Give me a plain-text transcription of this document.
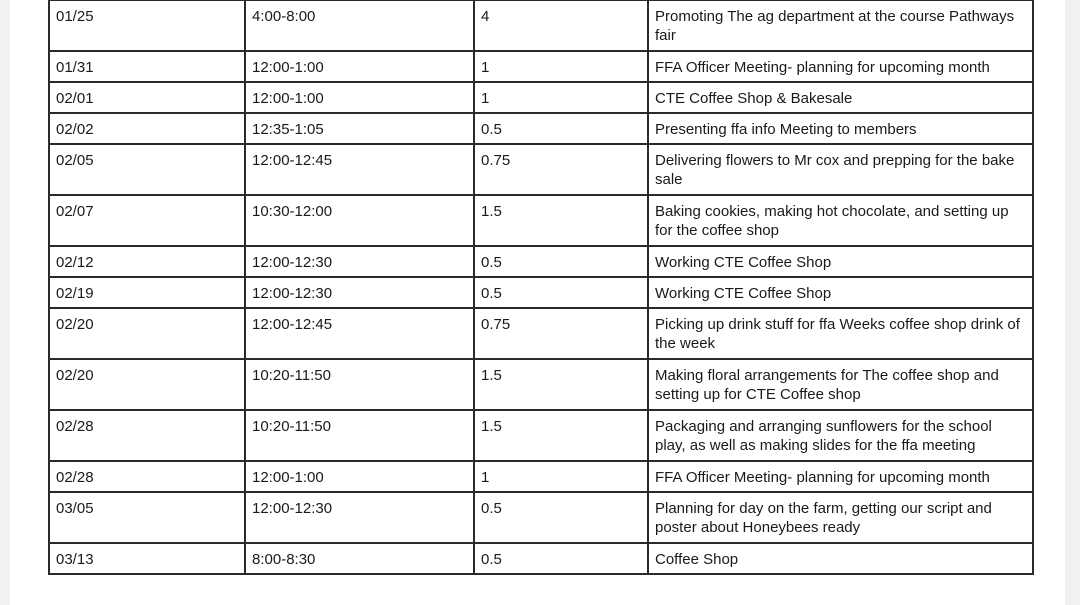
01/25	4:00-8:00	4	Promoting The ag department at the course Pathways fair
01/31	12:00-1:00	1	FFA Officer Meeting- planning for upcoming month
02/01	12:00-1:00	1	CTE Coffee Shop & Bakesale
02/02	12:35-1:05	0.5	Presenting ffa info Meeting to members
02/05	12:00-12:45	0.75	Delivering flowers to Mr cox and prepping for the bake sale
02/07	10:30-12:00	1.5	Baking cookies, making hot chocolate, and setting up for the coffee shop
02/12	12:00-12:30	0.5	Working CTE Coffee Shop
02/19	12:00-12:30	0.5	Working CTE Coffee Shop
02/20	12:00-12:45	0.75	Picking up drink stuff for ffa Weeks coffee shop drink of the week
02/20	10:20-11:50	1.5	Making floral arrangements for The coffee shop and setting up for CTE Coffee shop
02/28	10:20-11:50	1.5	Packaging and arranging sunflowers for the school play, as well as making slides for the ffa meeting
02/28	12:00-1:00	1	FFA Officer Meeting- planning for upcoming month
03/05	12:00-12:30	0.5	Planning for day on the farm, getting our script and poster about Honeybees ready
03/13	8:00-8:30	0.5	Coffee Shop
